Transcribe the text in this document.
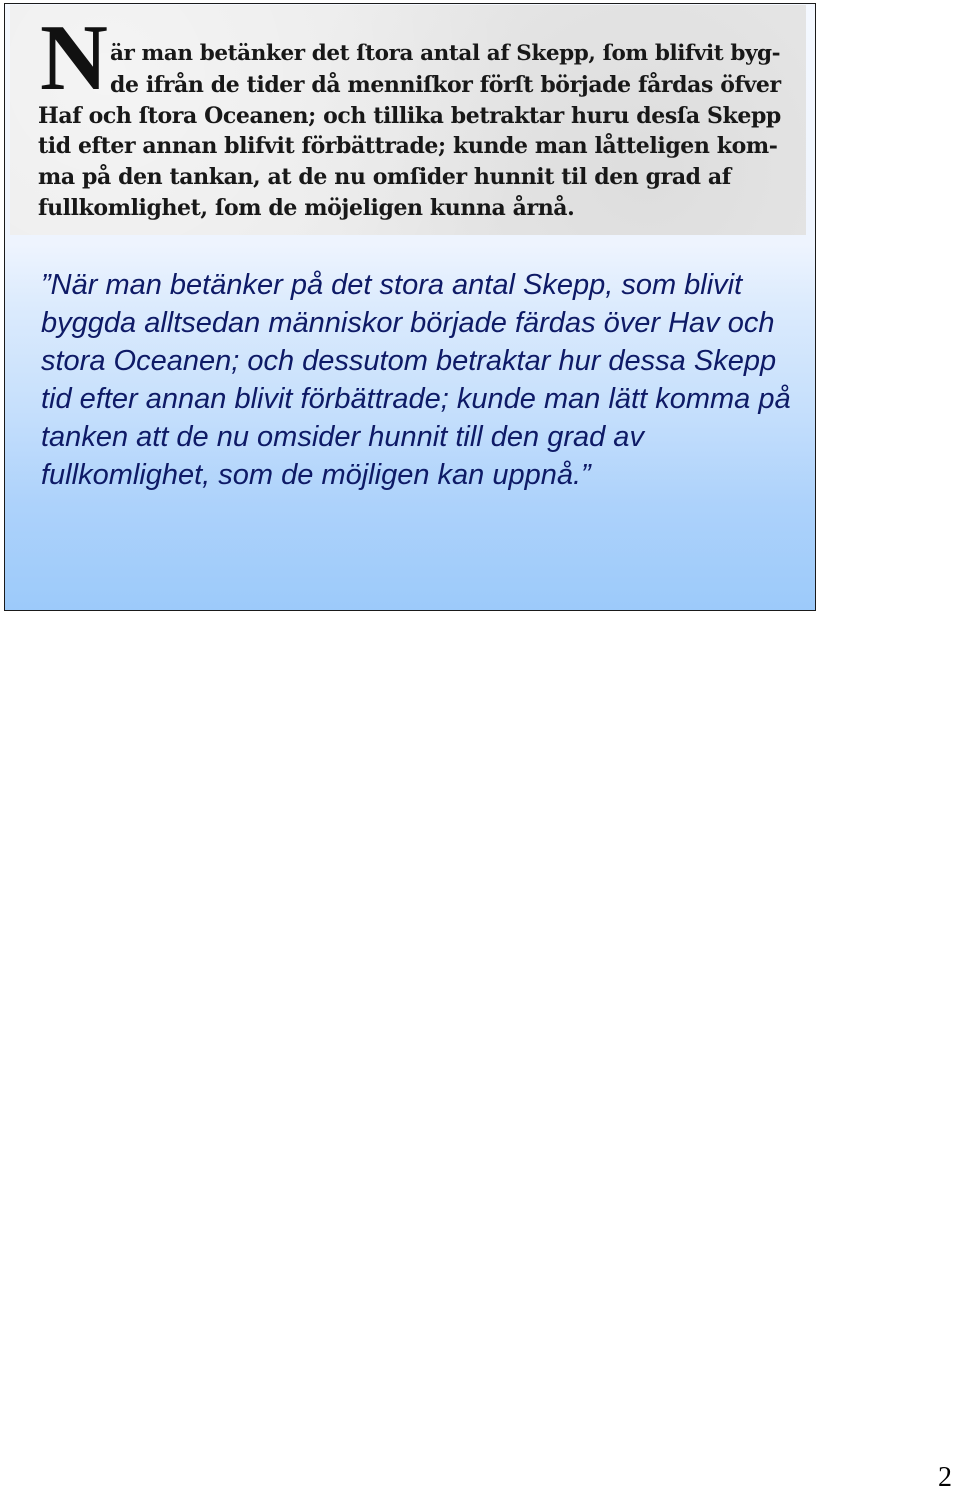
N är man betänker det ſtora antal af Skepp, ſom blifvit byg-
de ifrån de tider då menniſkor förſt började fårdas öfver
Haf och ſtora Oceanen; och tillika betraktar huru desſa Skepp
tid efter annan blifvit förbättrade; kunde man låtteligen kom-
ma på den tankan, at de nu omſider hunnit til den grad af
fullkomlighet, ſom de möjeligen kunna årnå.

”När man betänker på det stora antal Skepp, som blivit byggda alltsedan människor började färdas över Hav och stora Oceanen; och dessutom betraktar hur dessa Skepp tid efter annan blivit förbättrade; kunde man lätt komma på tanken att de nu omsider hunnit till den grad av fullkomlighet, som de möjligen kan uppnå.”

2
